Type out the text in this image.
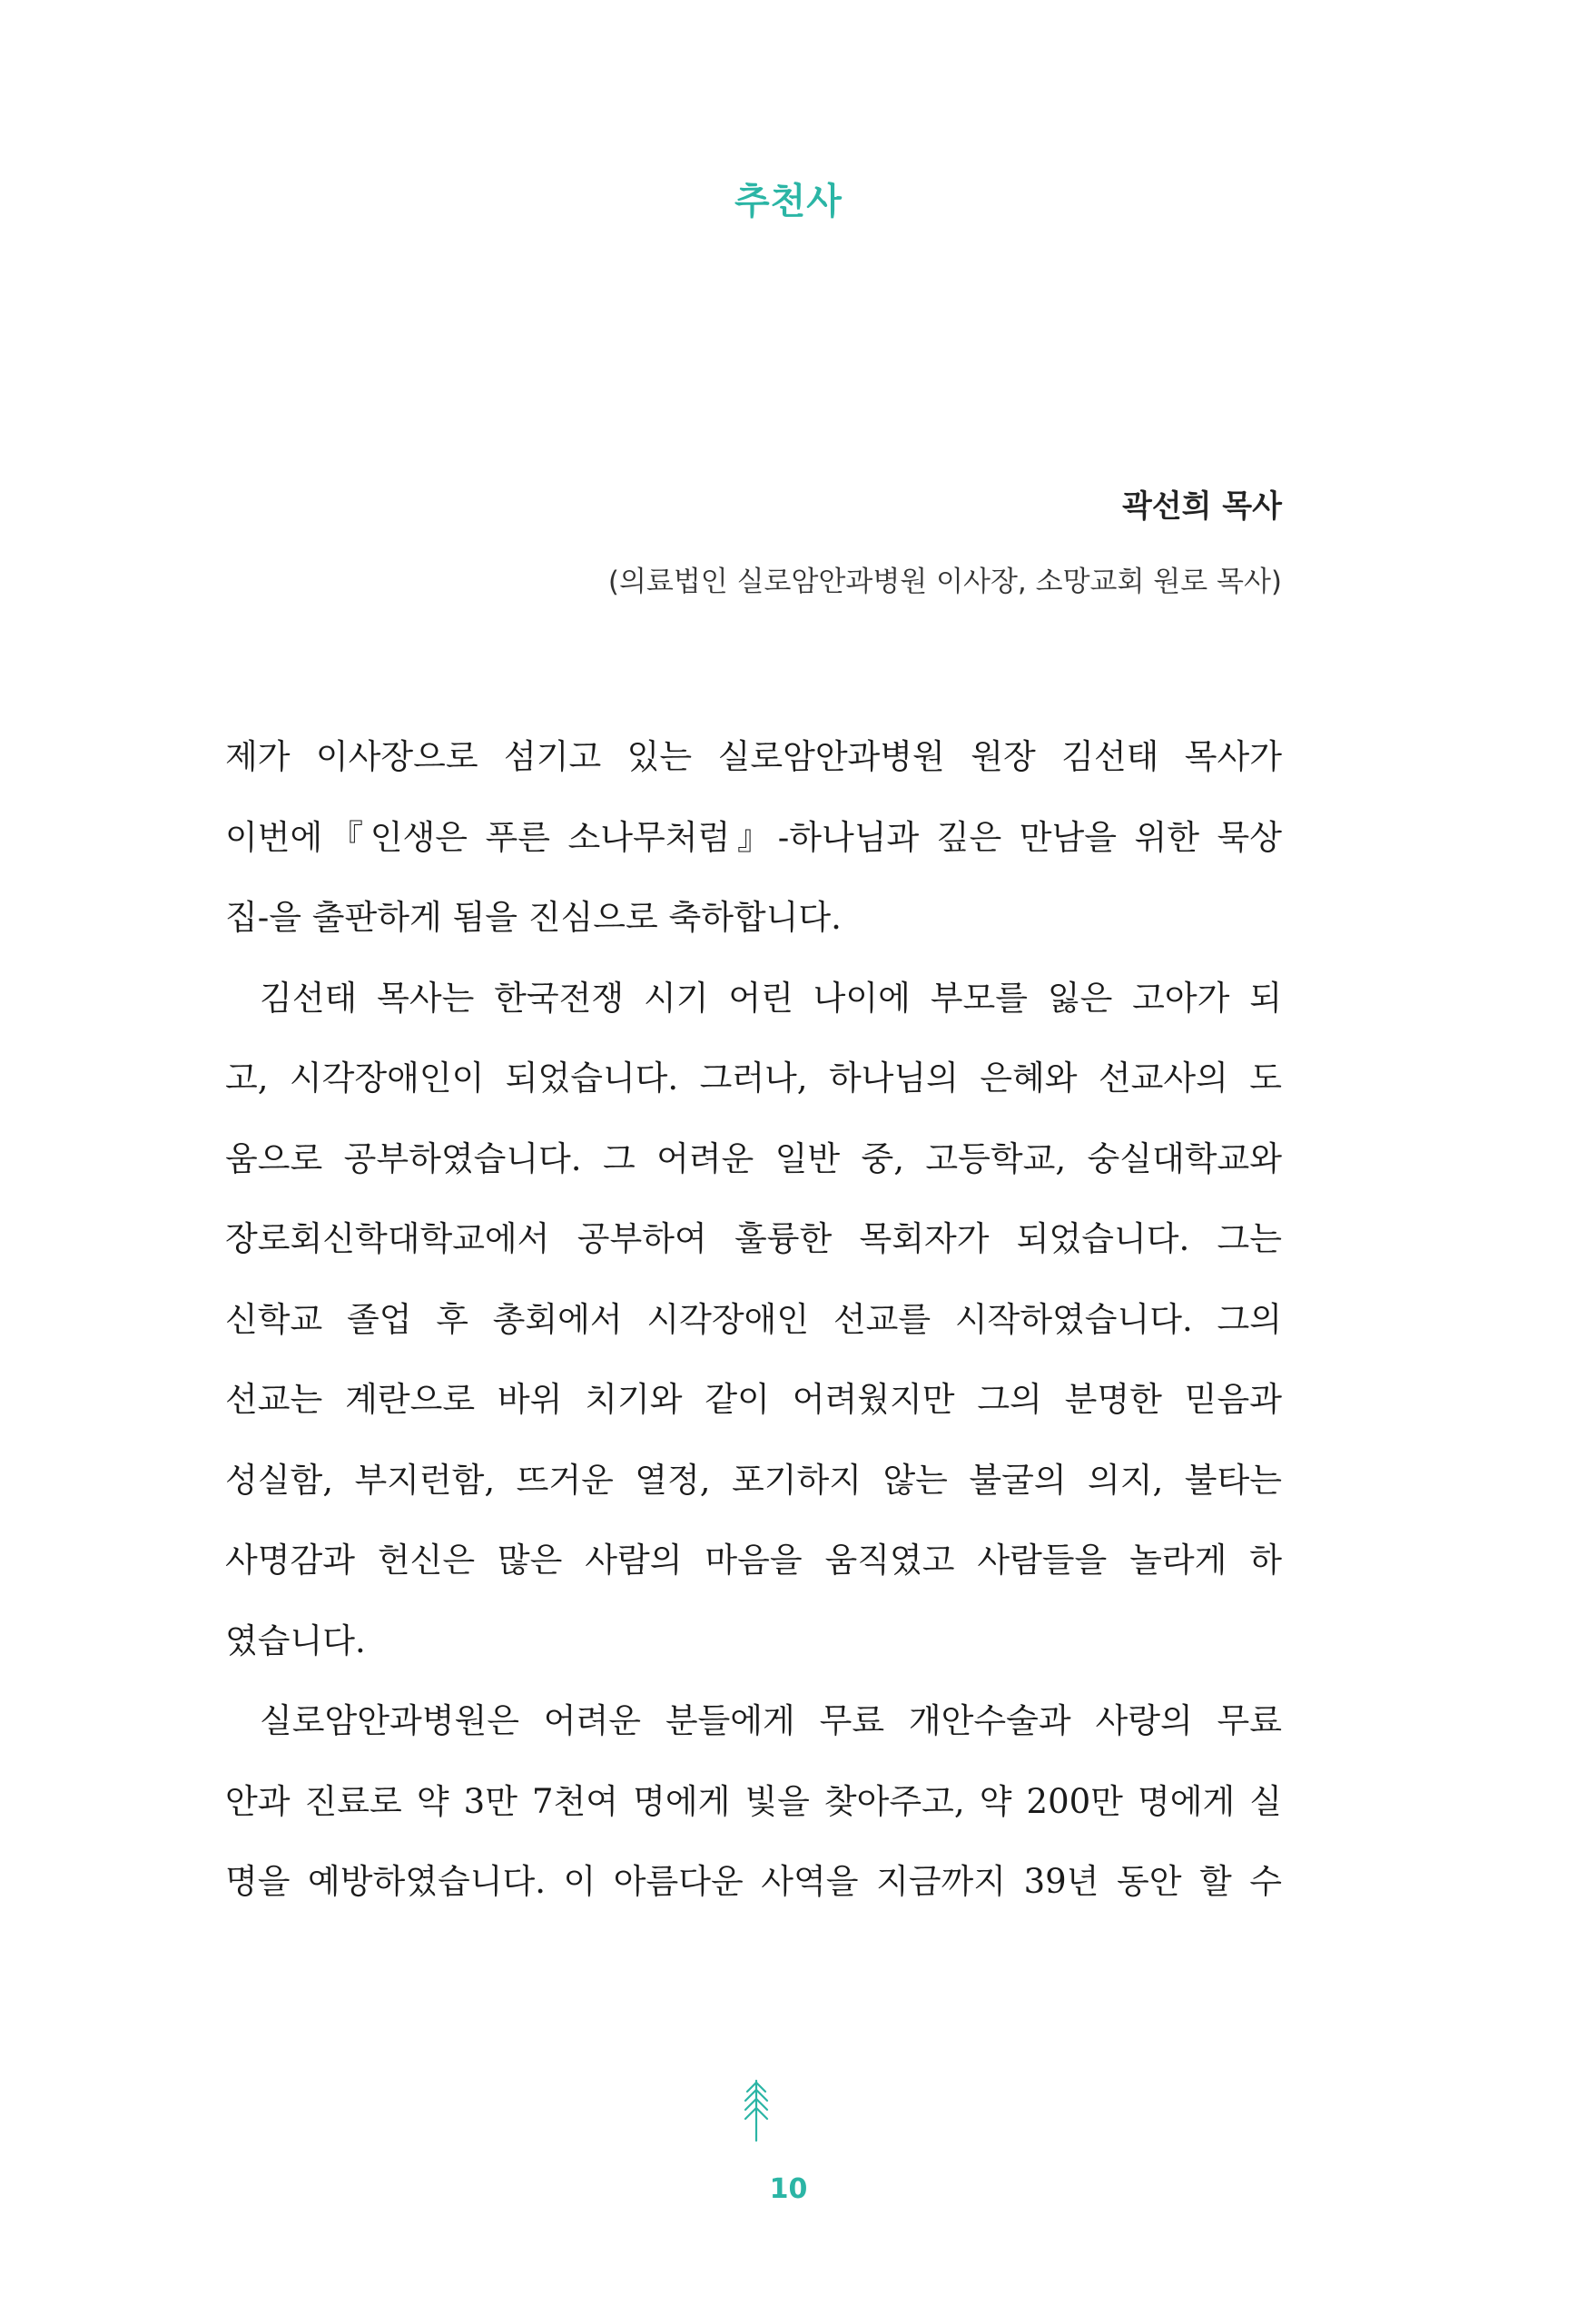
추천사
곽선희 목사
(의료법인 실로암안과병원 이사장, 소망교회 원로 목사)
제가 이사장으로 섬기고 있는 실로암안과병원 원장 김선태 목사가
이번에『인생은 푸른 소나무처럼』-하나님과 깊은 만남을 위한 묵상
집-을 출판하게 됨을 진심으로 축하합니다.
김선태 목사는 한국전쟁 시기 어린 나이에 부모를 잃은 고아가 되
고, 시각장애인이 되었습니다. 그러나, 하나님의 은혜와 선교사의 도
움으로 공부하였습니다. 그 어려운 일반 중, 고등학교, 숭실대학교와
장로회신학대학교에서 공부하여 훌륭한 목회자가 되었습니다. 그는
신학교 졸업 후 총회에서 시각장애인 선교를 시작하였습니다. 그의
선교는 계란으로 바위 치기와 같이 어려웠지만 그의 분명한 믿음과
성실함, 부지런함, 뜨거운 열정, 포기하지 않는 불굴의 의지, 불타는
사명감과 헌신은 많은 사람의 마음을 움직였고 사람들을 놀라게 하
였습니다.
실로암안과병원은 어려운 분들에게 무료 개안수술과 사랑의 무료
안과 진료로 약 3만 7천여 명에게 빛을 찾아주고, 약 200만 명에게 실
명을 예방하였습니다. 이 아름다운 사역을 지금까지 39년 동안 할 수
10
